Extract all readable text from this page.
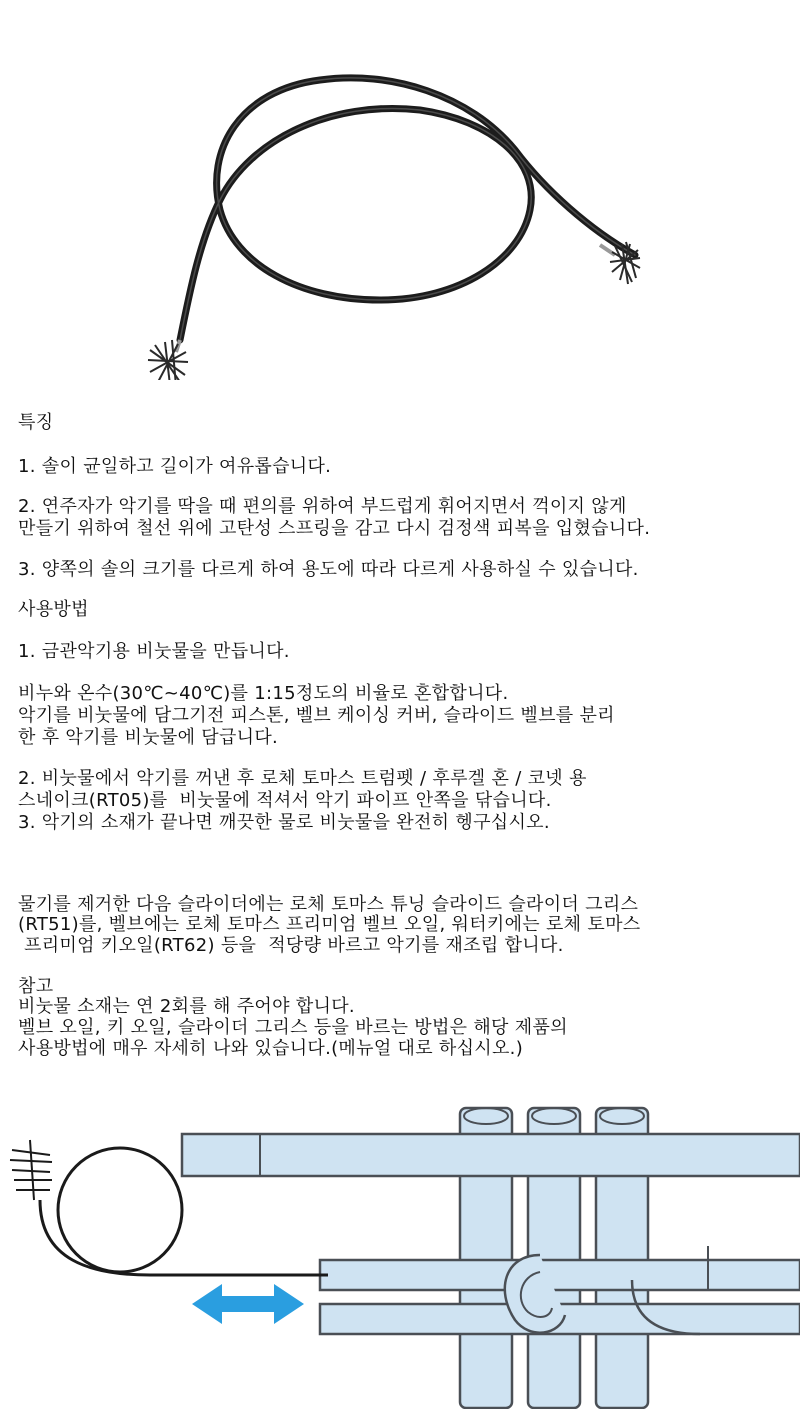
특징

1. 솔이 균일하고 길이가 여유롭습니다.

2. 연주자가 악기를 딱을 때 편의를 위하여 부드럽게 휘어지면서 꺽이지 않게

만들기 위하여 철선 위에 고탄성 스프링을 감고 다시 검정색 피복을 입혔습니다.

3. 양쪽의 솔의 크기를 다르게 하여 용도에 따라 다르게 사용하실 수 있습니다.

사용방법

1. 금관악기용 비눗물을 만듭니다.

비누와 온수(30℃~40℃)를 1:15정도의 비율로 혼합합니다.

악기를 비눗물에 담그기전 피스톤, 벨브 케이싱 커버, 슬라이드 벨브를 분리

한 후 악기를 비눗물에 담급니다.

2. 비눗물에서 악기를 꺼낸 후 로체 토마스 트럼펫 / 후루겔 혼 / 코넷 용

스네이크(RT05)를  비눗물에 적셔서 악기 파이프 안쪽을 닦습니다.

3. 악기의 소재가 끝나면 깨끗한 물로 비눗물을 완전히 헹구십시오.

물기를 제거한 다음 슬라이더에는 로체 토마스 튜닝 슬라이드 슬라이더 그리스

(RT51)를, 벨브에는 로체 토마스 프리미엄 벨브 오일, 워터키에는 로체 토마스

프리미엄 키오일(RT62) 등을  적당량 바르고 악기를 재조립 합니다.

참고

비눗물 소재는 연 2회를 해 주어야 합니다.

벨브 오일, 키 오일, 슬라이더 그리스 등을 바르는 방법은 해당 제품의

사용방법에 매우 자세히 나와 있습니다.(메뉴얼 대로 하십시오.)
